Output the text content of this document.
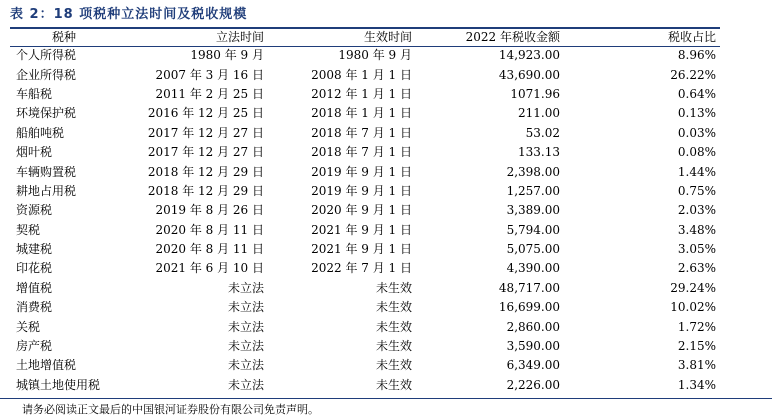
表 2：18 项税种立法时间及税收规模
税种	立法时间	生效时间	2022 年税收金额	税收占比
个人所得税	1980 年 9 月	1980 年 9 月	14,923.00	8.96%
企业所得税	2007 年 3 月 16 日	2008 年 1 月 1 日	43,690.00	26.22%
车船税	2011 年 2 月 25 日	2012 年 1 月 1 日	1071.96	0.64%
环境保护税	2016 年 12 月 25 日	2018 年 1 月 1 日	211.00	0.13%
船舶吨税	2017 年 12 月 27 日	2018 年 7 月 1 日	53.02	0.03%
烟叶税	2017 年 12 月 27 日	2018 年 7 月 1 日	133.13	0.08%
车辆购置税	2018 年 12 月 29 日	2019 年 9 月 1 日	2,398.00	1.44%
耕地占用税	2018 年 12 月 29 日	2019 年 9 月 1 日	1,257.00	0.75%
资源税	2019 年 8 月 26 日	2020 年 9 月 1 日	3,389.00	2.03%
契税	2020 年 8 月 11 日	2021 年 9 月 1 日	5,794.00	3.48%
城建税	2020 年 8 月 11 日	2021 年 9 月 1 日	5,075.00	3.05%
印花税	2021 年 6 月 10 日	2022 年 7 月 1 日	4,390.00	2.63%
增值税	未立法	未生效	48,717.00	29.24%
消费税	未立法	未生效	16,699.00	10.02%
关税	未立法	未生效	2,860.00	1.72%
房产税	未立法	未生效	3,590.00	2.15%
土地增值税	未立法	未生效	6,349.00	3.81%
城镇土地使用税	未立法	未生效	2,226.00	1.34%
请务必阅读正文最后的中国银河证券股份有限公司免责声明。
